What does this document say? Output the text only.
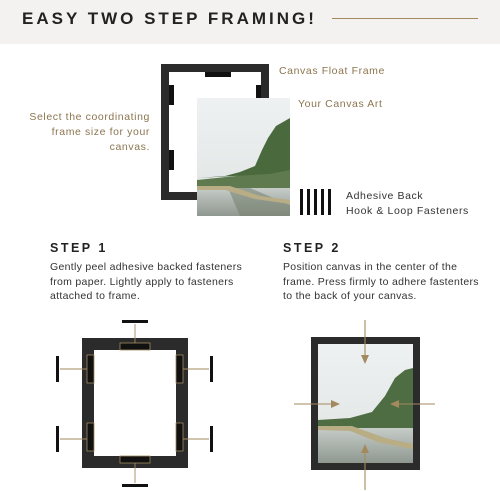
EASY TWO STEP FRAMING!
Canvas Float Frame
Your Canvas Art
Select the coordinating frame size for your canvas.
Adhesive Back
Hook & Loop Fasteners
STEP 1
Gently peel adhesive backed fasteners from paper. Lightly apply to fasteners attached to frame.
STEP 2
Position canvas in the center of the frame. Press firmly to adhere fastenters to the back of your canvas.
